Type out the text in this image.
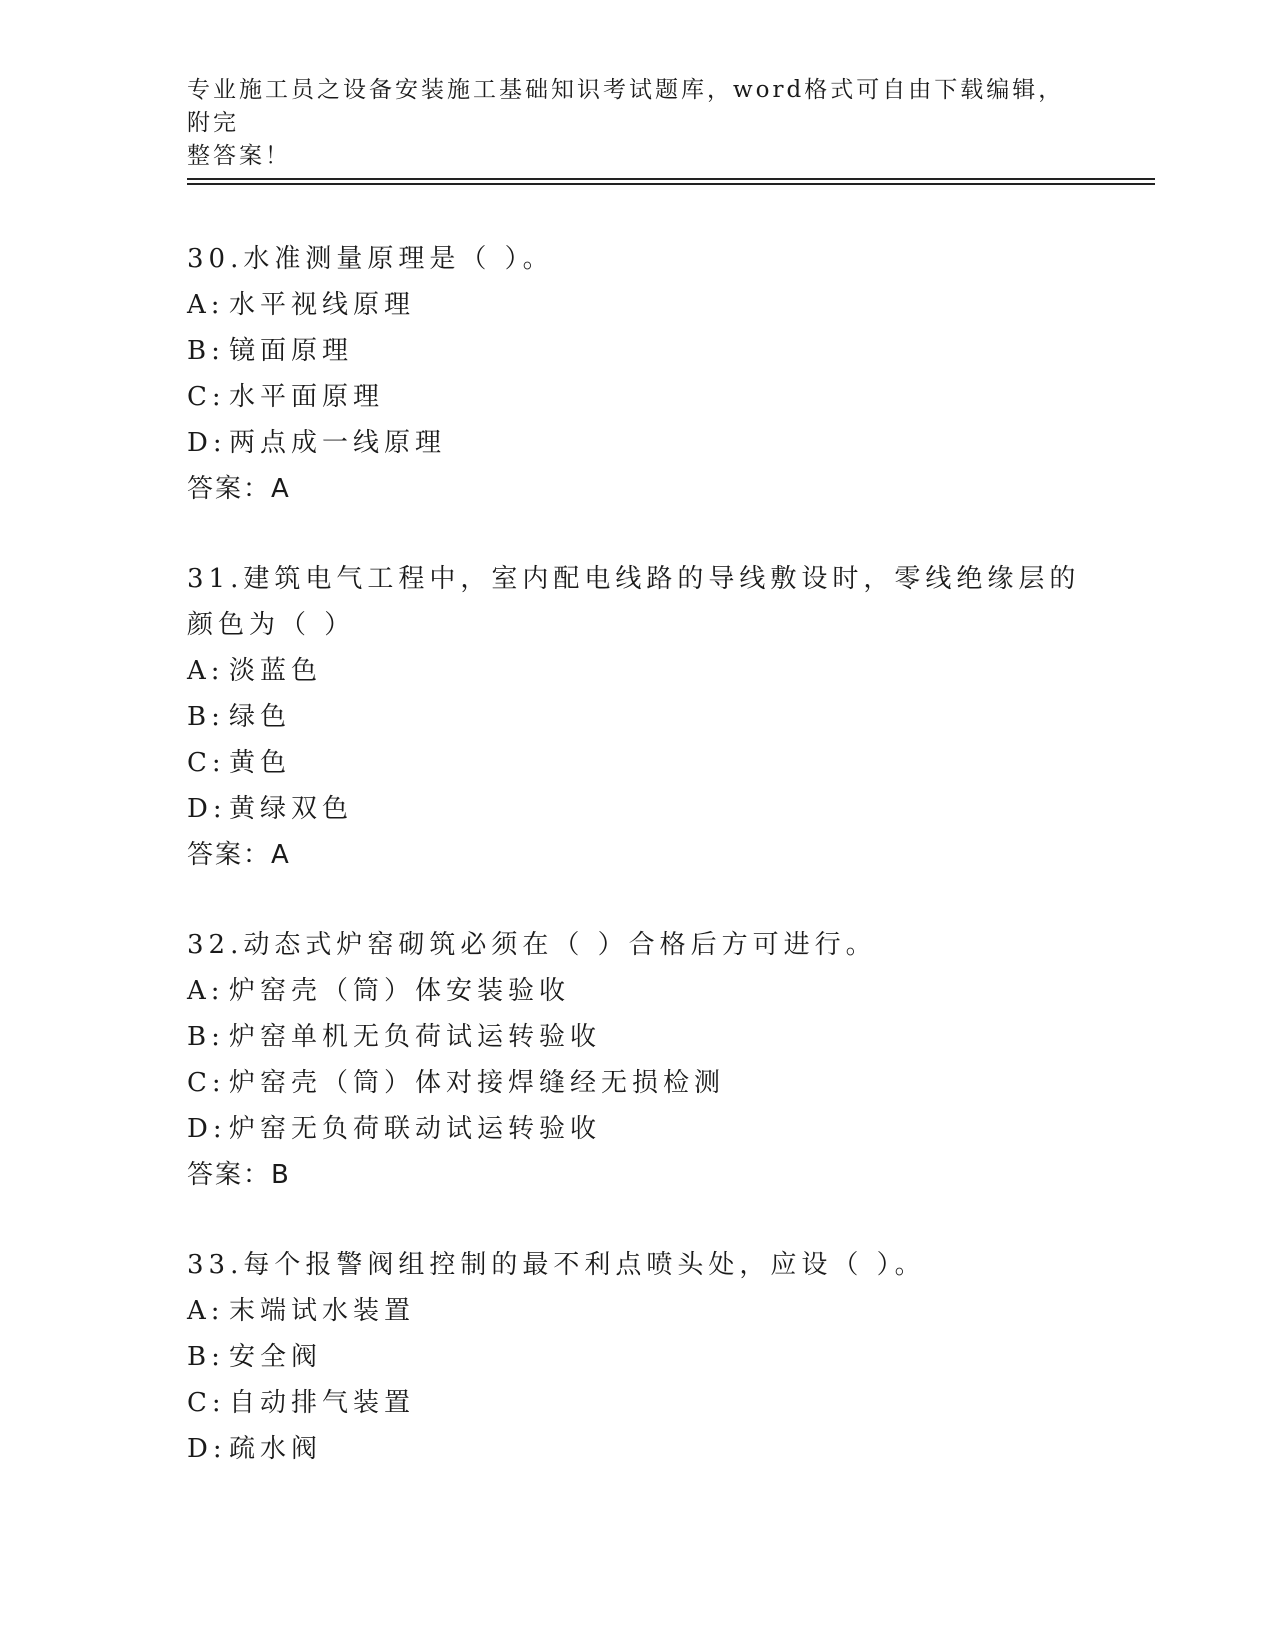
专业施工员之设备安装施工基础知识考试题库，word格式可自由下载编辑，附完
整答案！

30.水准测量原理是（ ）。

A: 水平视线原理

B: 镜面原理

C: 水平面原理

D:两点成一线原理

答案：A

31.建筑电气工程中，室内配电线路的导线敷设时，零线绝缘层的颜色为（ ）

A: 淡蓝色

B: 绿色

C: 黄色

D:黄绿双色

答案：A

32.动态式炉窑砌筑必须在（ ）合格后方可进行。

A: 炉窑壳（筒）体安装验收

B: 炉窑单机无负荷试运转验收

C: 炉窑壳（筒）体对接焊缝经无损检测

D:炉窑无负荷联动试运转验收

答案：B

33.每个报警阀组控制的最不利点喷头处，应设（ ）。

A: 末端试水装置

B: 安全阀

C: 自动排气装置

D:疏水阀
